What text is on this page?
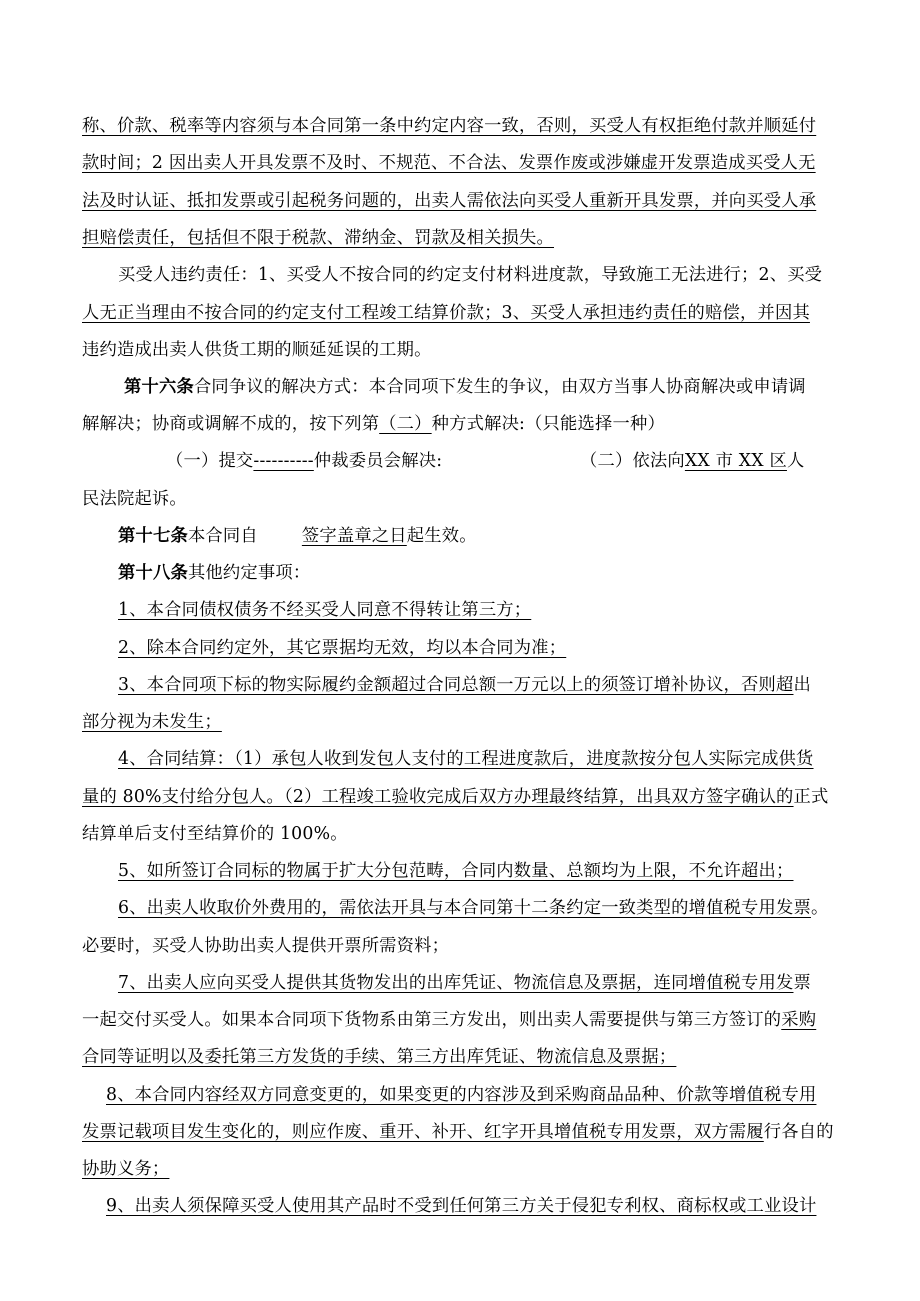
称、价款、税率等内容须与本合同第一条中约定内容一致，否则，买受人有权拒绝付款并顺延付
款时间；2 因出卖人开具发票不及时、不规范、不合法、发票作废或涉嫌虚开发票造成买受人无
法及时认证、抵扣发票或引起税务问题的，出卖人需依法向买受人重新开具发票，并向买受人承
担赔偿责任，包括但不限于税款、滞纳金、罚款及相关损失。
买受人违约责任：1、买受人不按合同的约定支付材料进度款，导致施工无法进行；2、买受
人无正当理由不按合同的约定支付工程竣工结算价款；3、买受人承担违约责任的赔偿，并因其
违约造成出卖人供货工期的顺延延误的工期。
第十六条合同争议的解决方式：本合同项下发生的争议，由双方当事人协商解决或申请调
解解决；协商或调解不成的，按下列第（二）种方式解决:（只能选择一种）
（一）提交----------仲裁委员会解决:	（二）依法向XX 市 XX 区人
民法院起诉。
第十七条本合同自	签字盖章之日起生效。
第十八条其他约定事项：
1、本合同债权债务不经买受人同意不得转让第三方；
2、除本合同约定外，其它票据均无效，均以本合同为准；
3、本合同项下标的物实际履约金额超过合同总额一万元以上的须签订增补协议，否则超出
部分视为未发生；
4、合同结算：（1）承包人收到发包人支付的工程进度款后，进度款按分包人实际完成供货
量的 80%支付给分包人。（2）工程竣工验收完成后双方办理最终结算，出具双方签字确认的正式
结算单后支付至结算价的 100%。
5、如所签订合同标的物属于扩大分包范畴，合同内数量、总额均为上限，不允许超出；
6、出卖人收取价外费用的，需依法开具与本合同第十二条约定一致类型的增值税专用发票。
必要时，买受人协助出卖人提供开票所需资料；
7、出卖人应向买受人提供其货物发出的出库凭证、物流信息及票据，连同增值税专用发票
一起交付买受人。如果本合同项下货物系由第三方发出，则出卖人需要提供与第三方签订的采购
合同等证明以及委托第三方发货的手续、第三方出库凭证、物流信息及票据；
8、本合同内容经双方同意变更的，如果变更的内容涉及到采购商品品种、价款等增值税专用
发票记载项目发生变化的，则应作废、重开、补开、红字开具增值税专用发票，双方需履行各自的
协助义务；
9、出卖人须保障买受人使用其产品时不受到任何第三方关于侵犯专利权、商标权或工业设计
